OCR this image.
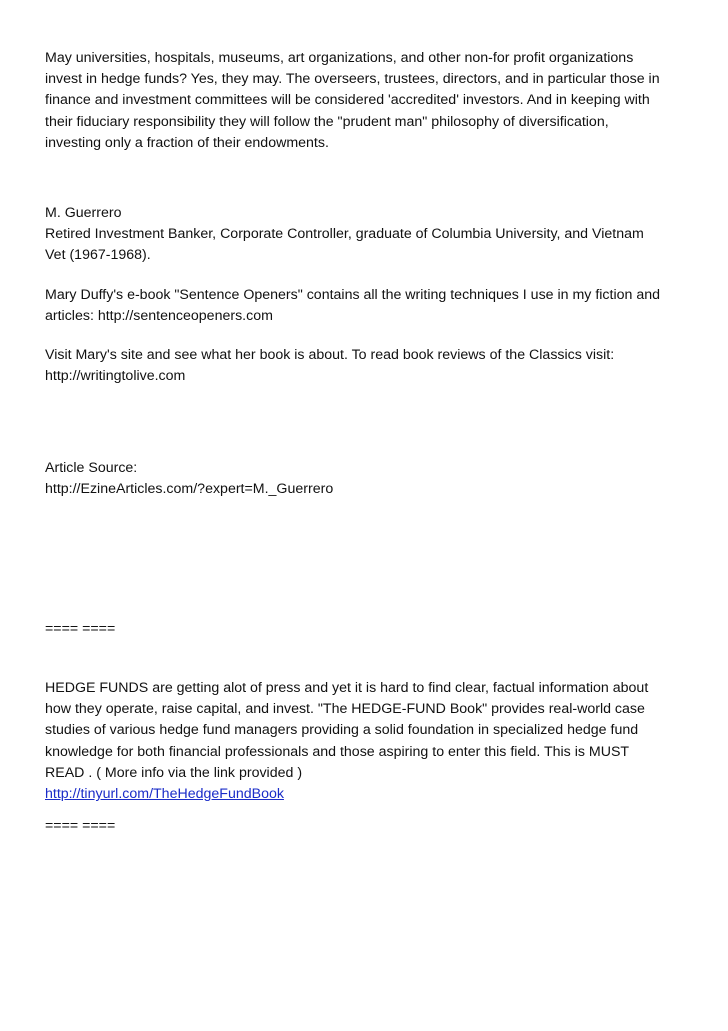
May universities, hospitals, museums, art organizations, and other non-for profit organizations
invest in hedge funds? Yes, they may. The overseers, trustees, directors, and in particular those in
finance and investment committees will be considered 'accredited' investors. And in keeping with
their fiduciary responsibility they will follow the "prudent man" philosophy of diversification,
investing only a fraction of their endowments.

M. Guerrero
Retired Investment Banker, Corporate Controller, graduate of Columbia University, and Vietnam
Vet (1967-1968).

Mary Duffy's e-book "Sentence Openers" contains all the writing techniques I use in my fiction and
articles: http://sentenceopeners.com

Visit Mary's site and see what her book is about. To read book reviews of the Classics visit:
http://writingtolive.com

Article Source:
http://EzineArticles.com/?expert=M._Guerrero

==== ====

HEDGE FUNDS are getting alot of press and yet it is hard to find clear, factual information about
how they operate, raise capital, and invest. "The HEDGE-FUND Book" provides real-world case
studies of various hedge fund managers providing a solid foundation in specialized hedge fund
knowledge for both financial professionals and those aspiring to enter this field. This is MUST
READ . ( More info via the link provided )
http://tinyurl.com/TheHedgeFundBook

==== ====
